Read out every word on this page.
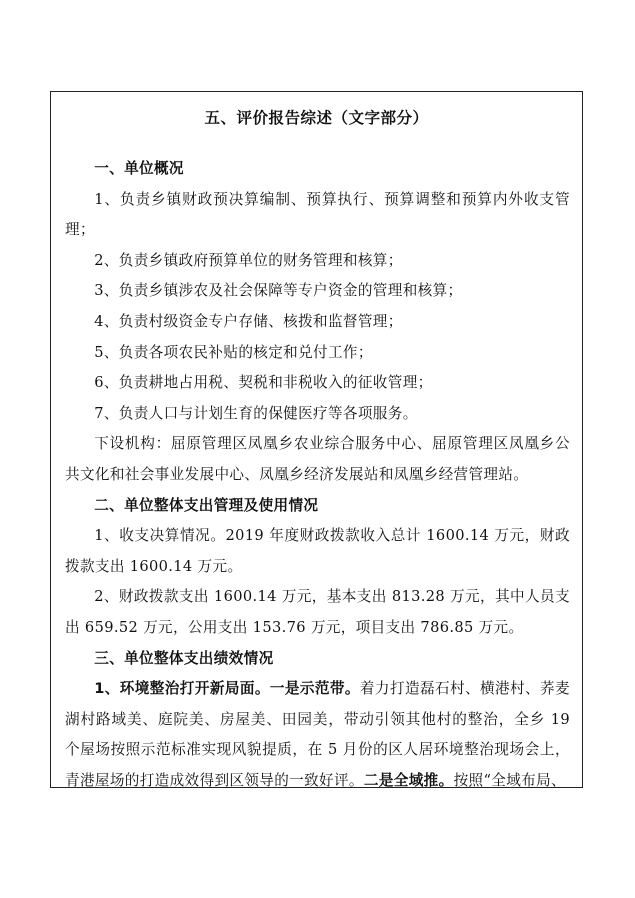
五、评价报告综述（文字部分）

一、单位概况

1、负责乡镇财政预决算编制、预算执行、预算调整和预算内外收支管理；

2、负责乡镇政府预算单位的财务管理和核算；

3、负责乡镇涉农及社会保障等专户资金的管理和核算；

4、负责村级资金专户存储、核拨和监督管理；

5、负责各项农民补贴的核定和兑付工作；

6、负责耕地占用税、契税和非税收入的征收管理；

7、负责人口与计划生育的保健医疗等各项服务。

下设机构：屈原管理区凤凰乡农业综合服务中心、屈原管理区凤凰乡公共文化和社会事业发展中心、凤凰乡经济发展站和凤凰乡经营管理站。

二、单位整体支出管理及使用情况

1、收支决算情况。2019 年度财政拨款收入总计 1600.14 万元，财政拨款支出 1600.14 万元。

2、财政拨款支出 1600.14 万元，基本支出 813.28 万元，其中人员支出 659.52 万元，公用支出 153.76 万元，项目支出 786.85 万元。

三、单位整体支出绩效情况

1、环境整治打开新局面。一是示范带。着力打造磊石村、横港村、荞麦湖村路域美、庭院美、房屋美、田园美，带动引领其他村的整治，全乡 19 个屋场按照示范标准实现风貌提质，在 5 月份的区人居环境整治现场会上，青港屋场的打造成效得到区领导的一致好评。二是全域推。按照“全域布局、
